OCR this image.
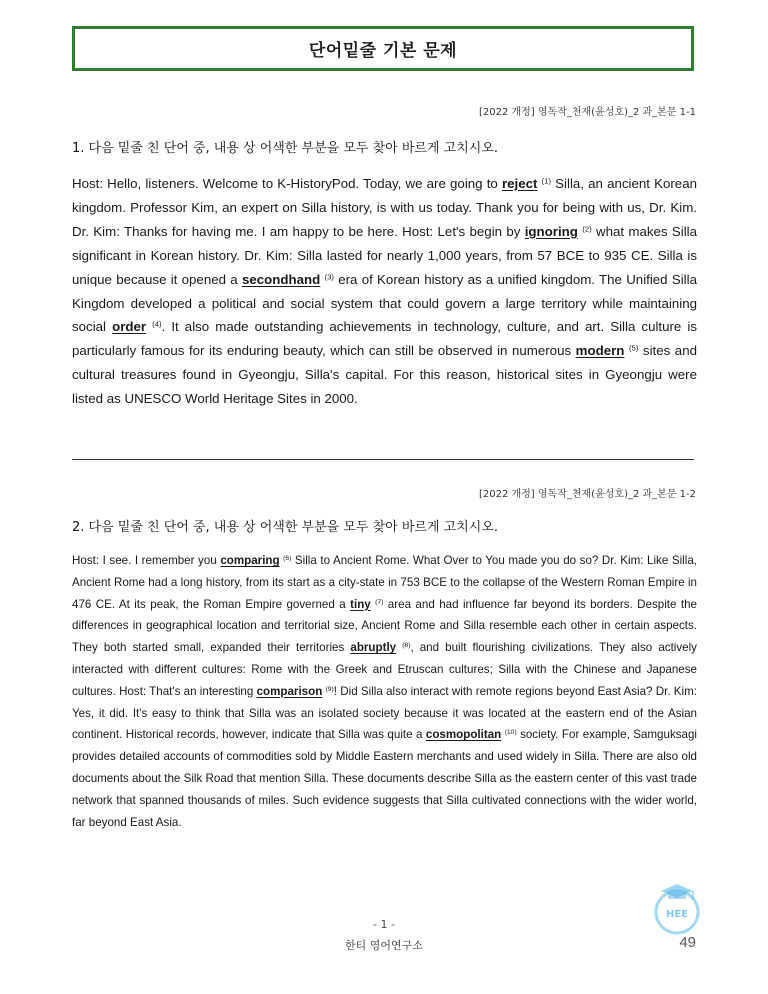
단어밑줄 기본 문제
[2022 개정] 영독작_천재(윤성호)_2 과_본문 1-1
1. 다음 밑줄 친 단어 중, 내용 상 어색한 부분을 모두 찾아 바르게 고치시오.
Host: Hello, listeners. Welcome to K-HistoryPod. Today, we are going to reject $^{(1)}$ Silla, an ancient Korean kingdom. Professor Kim, an expert on Silla history, is with us today. Thank you for being with us, Dr. Kim. Dr. Kim: Thanks for having me. I am happy to be here. Host: Let's begin by ignoring $^{(2)}$ what makes Silla significant in Korean history. Dr. Kim: Silla lasted for nearly 1,000 years, from 57 BCE to 935 CE. Silla is unique because it opened a secondhand $^{(3)}$ era of Korean history as a unified kingdom. The Unified Silla Kingdom developed a political and social system that could govern a large territory while maintaining social order $^{(4)}$. It also made outstanding achievements in technology, culture, and art. Silla culture is particularly famous for its enduring beauty, which can still be observed in numerous modern $^{(5)}$ sites and cultural treasures found in Gyeongju, Silla's capital. For this reason, historical sites in Gyeongju were listed as UNESCO World Heritage Sites in 2000.
[2022 개정] 영독작_천재(윤성호)_2 과_본문 1-2
2. 다음 밑줄 친 단어 중, 내용 상 어색한 부분을 모두 찾아 바르게 고치시오.
Host: I see. I remember you comparing $^{(6)}$ Silla to Ancient Rome. What Over to You made you do so? Dr. Kim: Like Silla, Ancient Rome had a long history, from its start as a city-state in 753 BCE to the collapse of the Western Roman Empire in 476 CE. At its peak, the Roman Empire governed a tiny $^{(7)}$ area and had influence far beyond its borders. Despite the differences in geographical location and territorial size, Ancient Rome and Silla resemble each other in certain aspects. They both started small, expanded their territories abruptly $^{(8)}$, and built flourishing civilizations. They also actively interacted with different cultures: Rome with the Greek and Etruscan cultures; Silla with the Chinese and Japanese cultures. Host: That's an interesting comparison $^{(9)}$! Did Silla also interact with remote regions beyond East Asia? Dr. Kim: Yes, it did. It's easy to think that Silla was an isolated society because it was located at the eastern end of the Asian continent. Historical records, however, indicate that Silla was quite a cosmopolitan $^{(10)}$ society. For example, Samguksagi provides detailed accounts of commodities sold by Middle Eastern merchants and used widely in Silla. There are also old documents about the Silk Road that mention Silla. These documents describe Silla as the eastern center of this vast trade network that spanned thousands of miles. Such evidence suggests that Silla cultivated connections with the wider world, far beyond East Asia.
HEE
- 1 -
한티 영어연구소	49
